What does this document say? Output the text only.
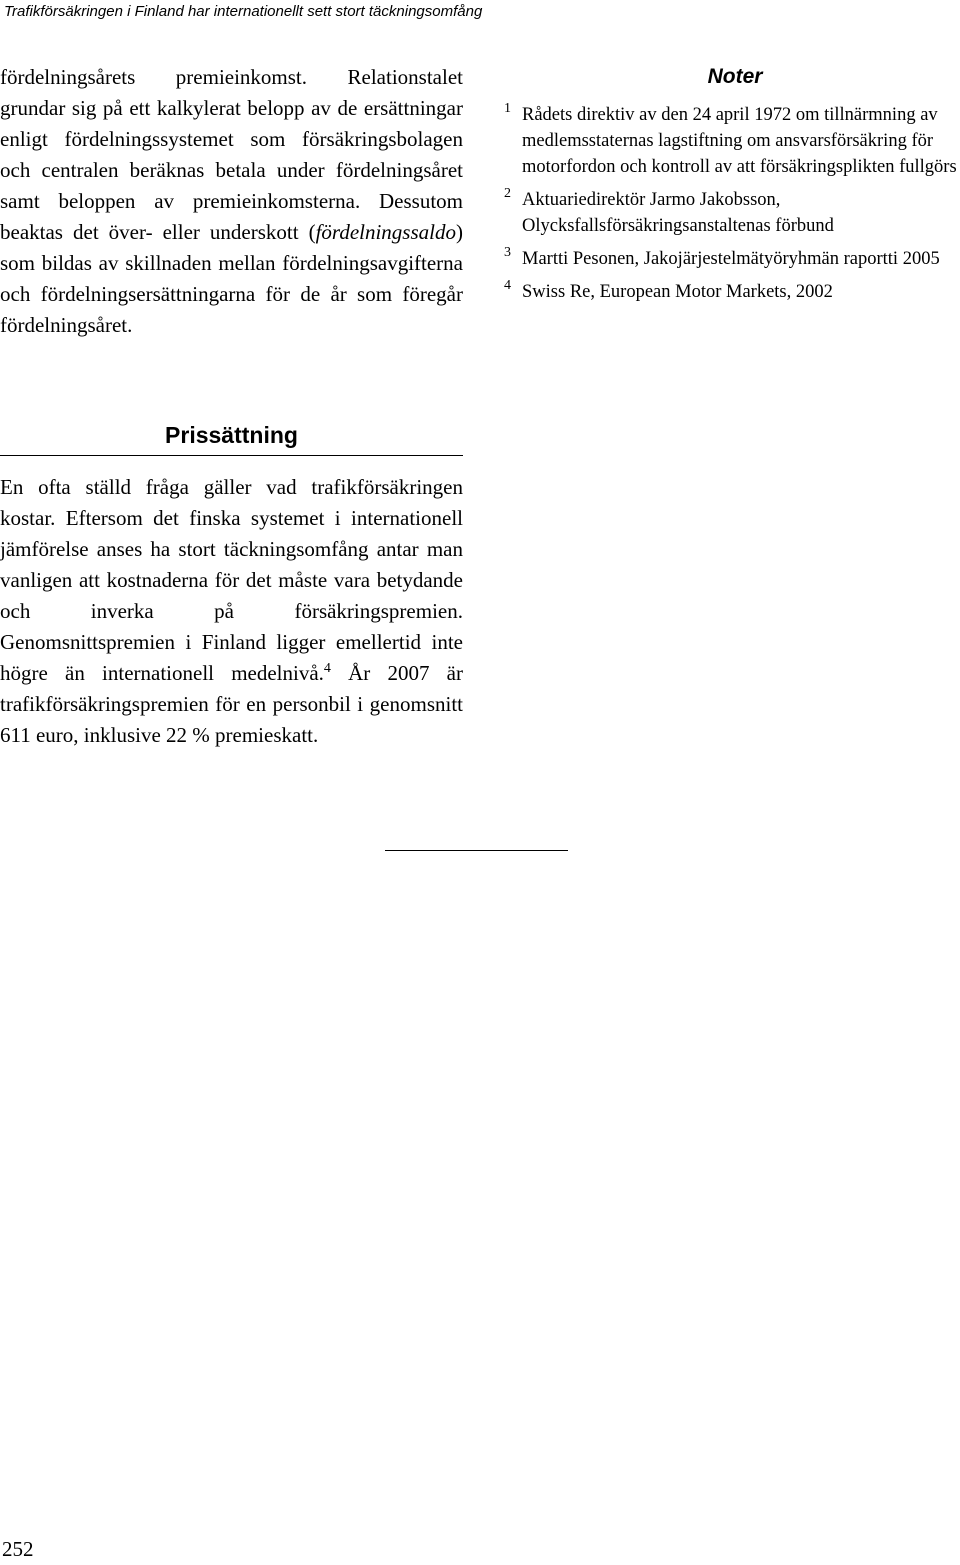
Trafikförsäkringen i Finland har internationellt sett stort täckningsomfång

fördelningsårets premieinkomst. Relationstalet grundar sig på ett kalkylerat belopp av de ersättningar enligt fördelningssystemet som försäkringsbolagen och centralen beräknas betala under fördelningsåret samt beloppen av premieinkomsterna. Dessutom beaktas det över- eller underskott (fördelningssaldo) som bildas av skillnaden mellan fördelningsavgifterna och fördelningsersättningarna för de år som föregår fördelningsåret.

Prissättning

En ofta ställd fråga gäller vad trafikförsäkringen kostar. Eftersom det finska systemet i internationell jämförelse anses ha stort täckningsomfång antar man vanligen att kostnaderna för det måste vara betydande och inverka på försäkringspremien. Genomsnittspremien i Finland ligger emellertid inte högre än internationell medelnivå.$^4$ År 2007 är trafikförsäkringspremien för en personbil i genomsnitt 611 euro, inklusive 22 % premieskatt.

Noter
1 Rådets direktiv av den 24 april 1972 om tillnärmning av medlemsstaternas lagstiftning om ansvarsförsäkring för motorfordon och kontroll av att försäkringsplikten fullgörs
2 Aktuariedirektör Jarmo Jakobsson, Olycksfallsförsäkringsanstaltenas förbund
3 Martti Pesonen, Jakojärjestelmätyöryhmän raportti 2005
4 Swiss Re, European Motor Markets, 2002
252
